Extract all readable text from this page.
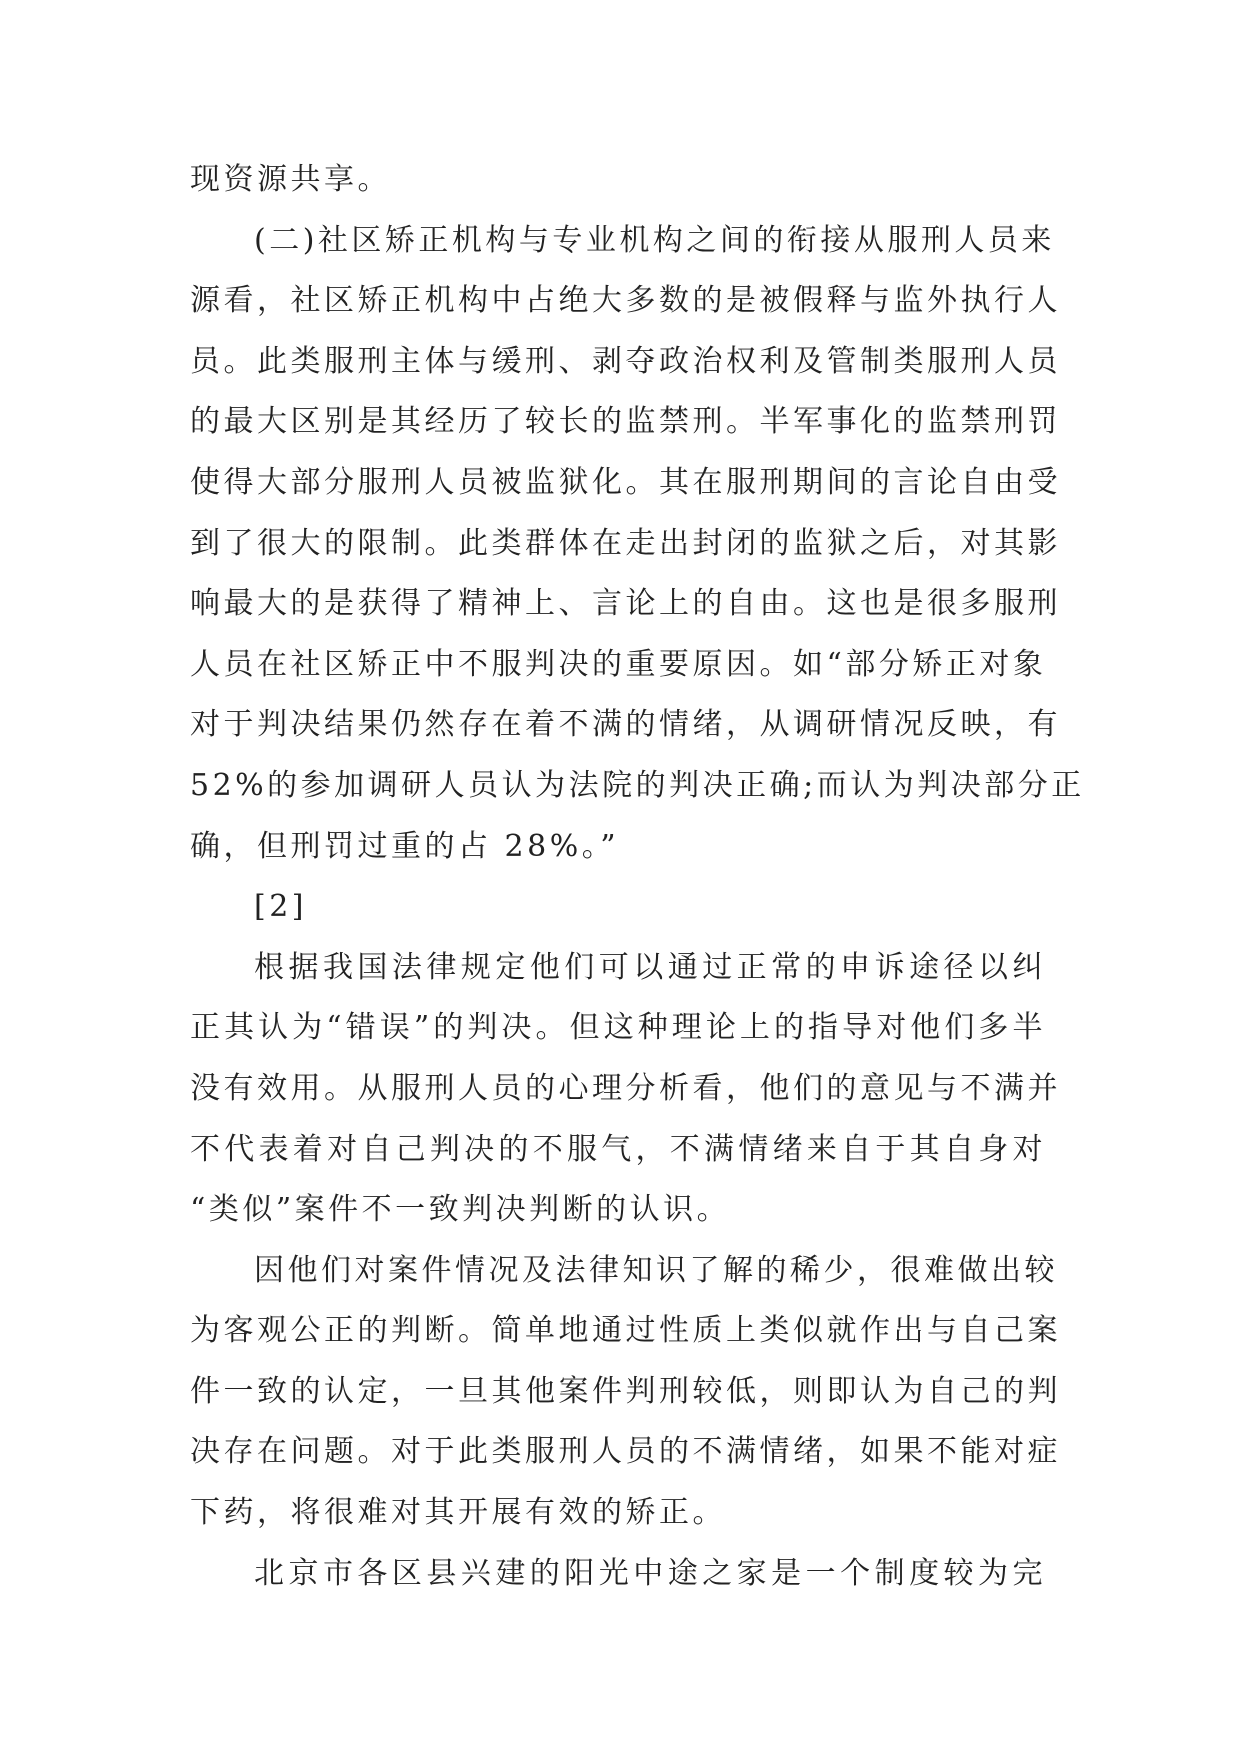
现资源共享。
(二)社区矫正机构与专业机构之间的衔接从服刑人员来
源看，社区矫正机构中占绝大多数的是被假释与监外执行人
员。此类服刑主体与缓刑、剥夺政治权利及管制类服刑人员
的最大区别是其经历了较长的监禁刑。半军事化的监禁刑罚
使得大部分服刑人员被监狱化。其在服刑期间的言论自由受
到了很大的限制。此类群体在走出封闭的监狱之后，对其影
响最大的是获得了精神上、言论上的自由。这也是很多服刑
人员在社区矫正中不服判决的重要原因。如“部分矫正对象
对于判决结果仍然存在着不满的情绪，从调研情况反映，有
52%的参加调研人员认为法院的判决正确;而认为判决部分正
确，但刑罚过重的占 28%。”
[2]
根据我国法律规定他们可以通过正常的申诉途径以纠
正其认为“错误”的判决。但这种理论上的指导对他们多半
没有效用。从服刑人员的心理分析看，他们的意见与不满并
不代表着对自己判决的不服气，不满情绪来自于其自身对
“类似”案件不一致判决判断的认识。
因他们对案件情况及法律知识了解的稀少，很难做出较
为客观公正的判断。简单地通过性质上类似就作出与自己案
件一致的认定，一旦其他案件判刑较低，则即认为自己的判
决存在问题。对于此类服刑人员的不满情绪，如果不能对症
下药，将很难对其开展有效的矫正。
北京市各区县兴建的阳光中途之家是一个制度较为完
